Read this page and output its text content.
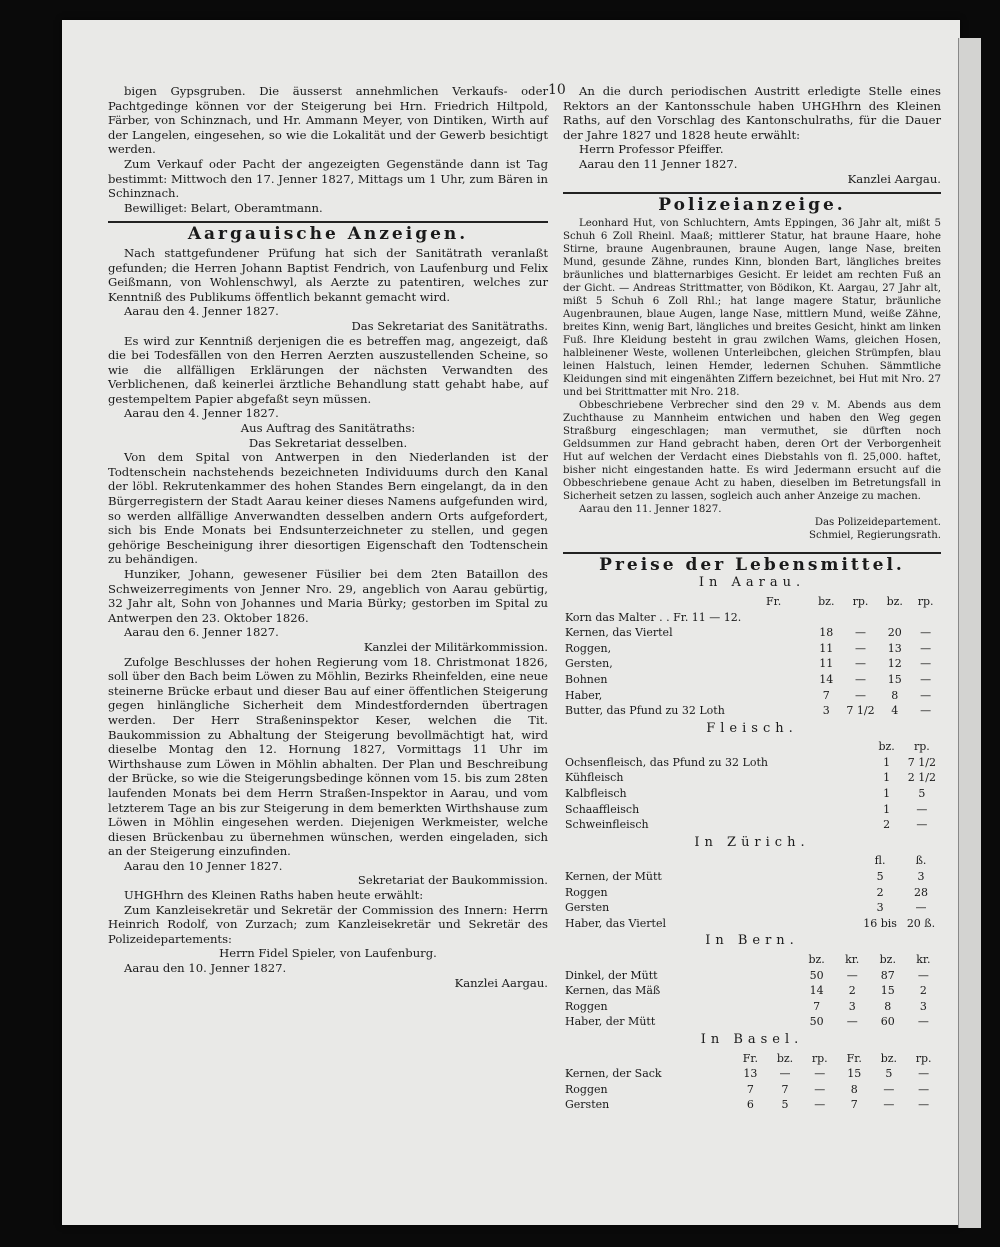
10

bigen Gypsgruben. Die äusserst annehmlichen Verkaufs- oder Pachtgedinge können vor der Steigerung bei Hrn. Friedrich Hiltpold, Färber, von Schinznach, und Hr. Ammann Meyer, von Dintiken, Wirth auf der Langelen, eingesehen, so wie die Lokalität und der Gewerb besichtigt werden.

Zum Verkauf oder Pacht der angezeigten Gegenstände dann ist Tag bestimmt: Mittwoch den 17. Jenner 1827, Mittags um 1 Uhr, zum Bären in Schinznach.

Bewilliget: Belart, Oberamtmann.

Aargauische Anzeigen.

Nach stattgefundener Prüfung hat sich der Sanitätrath veranlaßt gefunden; die Herren Johann Baptist Fendrich, von Laufenburg und Felix Geißmann, von Wohlenschwyl, als Aerzte zu patentiren, welches zur Kenntniß des Publikums öffentlich bekannt gemacht wird.

Aarau den 4. Jenner 1827.

Das Sekretariat des Sanitätraths.

Es wird zur Kenntniß derjenigen die es betreffen mag, angezeigt, daß die bei Todesfällen von den Herren Aerzten auszustellenden Scheine, so wie die allfälligen Erklärungen der nächsten Verwandten des Verblichenen, daß keinerlei ärztliche Behandlung statt gehabt habe, auf gestempeltem Papier abgefaßt seyn müssen.

Aarau den 4. Jenner 1827.

Aus Auftrag des Sanitätraths:

Das Sekretariat desselben.

Von dem Spital von Antwerpen in den Niederlanden ist der Todtenschein nachstehends bezeichneten Individuums durch den Kanal der löbl. Rekrutenkammer des hohen Standes Bern eingelangt, da in den Bürgerregistern der Stadt Aarau keiner dieses Namens aufgefunden wird, so werden allfällige Anverwandten desselben andern Orts aufgefordert, sich bis Ende Monats bei Endsunterzeichneter zu stellen, und gegen gehörige Bescheinigung ihrer diesortigen Eigenschaft den Todtenschein zu behändigen.

Hunziker, Johann, gewesener Füsilier bei dem 2ten Bataillon des Schweizerregiments von Jenner Nro. 29, angeblich von Aarau gebürtig, 32 Jahr alt, Sohn von Johannes und Maria Bürky; gestorben im Spital zu Antwerpen den 23. Oktober 1826.

Aarau den 6. Jenner 1827.

Kanzlei der Militärkommission.

Zufolge Beschlusses der hohen Regierung vom 18. Christmonat 1826, soll über den Bach beim Löwen zu Möhlin, Bezirks Rheinfelden, eine neue steinerne Brücke erbaut und dieser Bau auf einer öffentlichen Steigerung gegen hinlängliche Sicherheit dem Mindestfordernden übertragen werden. Der Herr Straßeninspektor Keser, welchen die Tit. Baukommission zu Abhaltung der Steigerung bevollmächtigt hat, wird dieselbe Montag den 12. Hornung 1827, Vormittags 11 Uhr im Wirthshause zum Löwen in Möhlin abhalten. Der Plan und Beschreibung der Brücke, so wie die Steigerungsbedinge können vom 15. bis zum 28ten laufenden Monats bei dem Herrn Straßen-Inspektor in Aarau, und vom letzterem Tage an bis zur Steigerung in dem bemerkten Wirthshause zum Löwen in Möhlin eingesehen werden. Diejenigen Werkmeister, welche diesen Brückenbau zu übernehmen wünschen, werden eingeladen, sich an der Steigerung einzufinden.

Aarau den 10 Jenner 1827.

Sekretariat der Baukommission.

UHGHhrn des Kleinen Raths haben heute erwählt:

Zum Kanzleisekretär und Sekretär der Commission des Innern: Herrn Heinrich Rodolf, von Zurzach; zum Kanzleisekretär und Sekretär des Polizeidepartements:

Herrn Fidel Spieler, von Laufenburg.

Aarau den 10. Jenner 1827.

Kanzlei Aargau.

An die durch periodischen Austritt erledigte Stelle eines Rektors an der Kantonsschule haben UHGHhrn des Kleinen Raths, auf den Vorschlag des Kantonschulraths, für die Dauer der Jahre 1827 und 1828 heute erwählt:

Herrn Professor Pfeiffer.

Aarau den 11 Jenner 1827.

Kanzlei Aargau.

Polizeianzeige.

Leonhard Hut, von Schluchtern, Amts Eppingen, 36 Jahr alt, mißt 5 Schuh 6 Zoll Rheinl. Maaß; mittlerer Statur, hat braune Haare, hohe Stirne, braune Augenbraunen, braune Augen, lange Nase, breiten Mund, gesunde Zähne, rundes Kinn, blonden Bart, längliches breites bräunliches und blatternarbiges Gesicht. Er leidet am rechten Fuß an der Gicht. — Andreas Strittmatter, von Bödikon, Kt. Aargau, 27 Jahr alt, mißt 5 Schuh 6 Zoll Rhl.; hat lange magere Statur, bräunliche Augenbraunen, blaue Augen, lange Nase, mittlern Mund, weiße Zähne, breites Kinn, wenig Bart, längliches und breites Gesicht, hinkt am linken Fuß. Ihre Kleidung besteht in grau zwilchen Wams, gleichen Hosen, halbleinener Weste, wollenen Unterleibchen, gleichen Strümpfen, blau leinen Halstuch, leinen Hemder, ledernen Schuhen. Sämmtliche Kleidungen sind mit eingenähten Ziffern bezeichnet, bei Hut mit Nro. 27 und bei Strittmatter mit Nro. 218.

Obbeschriebene Verbrecher sind den 29 v. M. Abends aus dem Zuchthause zu Mannheim entwichen und haben den Weg gegen Straßburg eingeschlagen; man vermuthet, sie dürften noch Geldsummen zur Hand gebracht haben, deren Ort der Verborgenheit Hut auf welchen der Verdacht eines Diebstahls von fl. 25,000. haftet, bisher nicht eingestanden hatte. Es wird Jedermann ersucht auf die Obbeschriebene genaue Acht zu haben, dieselben im Betretungsfall in Sicherheit setzen zu lassen, sogleich auch anher Anzeige zu machen.

Aarau den 11. Jenner 1827.

Das Polizeidepartement.

Schmiel, Regierungsrath.

Preise der Lebensmittel.
In Aarau.
	Fr.		bz.	rp.	bz.	rp.
Korn das Malter . . Fr. 11 — 12.						
Kernen, das Viertel			18	—	20	—
Roggen,			11	—	13	—
Gersten,			11	—	12	—
Bohnen			14	—	15	—
Haber,			7	—	8	—
Butter, das Pfund zu 32 Loth			3	7 1/2	4	—
Fleisch.
					bz.	rp.
Ochsenfleisch, das Pfund zu 32 Loth					1	7 1/2
Kühfleisch					1	2 1/2
Kalbfleisch					1	5
Schaaffleisch					1	—
Schweinfleisch					2	—
In Zürich.
					fl.	ß.
Kernen, der Mütt					5	3
Roggen					2	28
Gersten					3	—
Haber, das Viertel					16 bis	20 ß.
In Bern.
			bz.	kr.	bz.	kr.
Dinkel, der Mütt			50	—	87	—
Kernen, das Mäß			14	2	15	2
Roggen			7	3	8	3
Haber, der Mütt			50	—	60	—
In Basel.
	Fr.	bz.	rp.	Fr.	bz.	rp.
Kernen, der Sack	13	—	—	15	5	—
Roggen	7	7	—	8	—	—
Gersten	6	5	—	7	—	—
